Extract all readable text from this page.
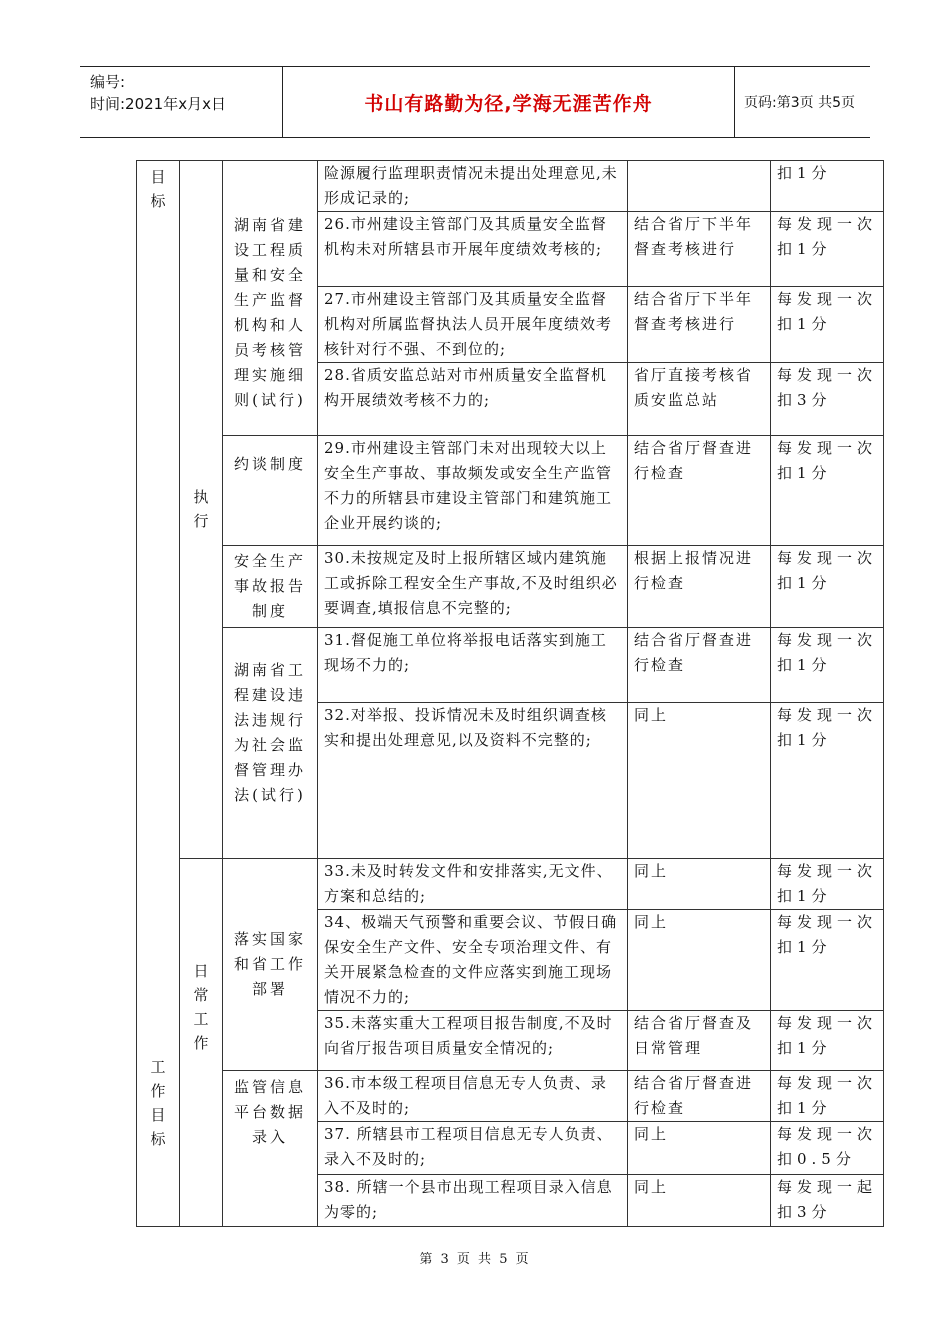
编号:
时间:2021年x月x日	书山有路勤为径,学海无涯苦作舟	页码:第3页 共5页
目标
工作目标	执行	湖南省建设工程质量和安全生产监督机构和人员考核管理实施细则(试行)	险源履行监理职责情况未提出处理意见,未形成记录的;		扣1分
			26.市州建设主管部门及其质量安全监督机构未对所辖县市开展年度绩效考核的;	结合省厅下半年督查考核进行	每发现一次扣1分
			27.市州建设主管部门及其质量安全监督机构对所属监督执法人员开展年度绩效考核针对行不强、不到位的;	结合省厅下半年督查考核进行	每发现一次扣1分
			28.省质安监总站对市州质量安全监督机构开展绩效考核不力的;	省厅直接考核省质安监总站	每发现一次扣3分
		约谈制度	29.市州建设主管部门未对出现较大以上安全生产事故、事故频发或安全生产监管不力的所辖县市建设主管部门和建筑施工企业开展约谈的;	结合省厅督查进行检查	每发现一次扣1分
		安全生产事故报告制度	30.未按规定及时上报所辖区域内建筑施工或拆除工程安全生产事故,不及时组织必要调查,填报信息不完整的;	根据上报情况进行检查	每发现一次扣1分
		湖南省工程建设违法违规行为社会监督管理办法(试行)	31.督促施工单位将举报电话落实到施工现场不力的;	结合省厅督查进行检查	每发现一次扣1分
			32.对举报、投诉情况未及时组织调查核实和提出处理意见,以及资料不完整的;	同上	每发现一次扣1分
	日常工作	落实国家和省工作部署	33.未及时转发文件和安排落实,无文件、方案和总结的;	同上	每发现一次扣1分
			34、极端天气预警和重要会议、节假日确保安全生产文件、安全专项治理文件、有关开展紧急检查的文件应落实到施工现场情况不力的;	同上	每发现一次扣1分
			35.未落实重大工程项目报告制度,不及时向省厅报告项目质量安全情况的;	结合省厅督查及日常管理	每发现一次扣1分
		监管信息平台数据录入	36.市本级工程项目信息无专人负责、录入不及时的;	结合省厅督查进行检查	每发现一次扣1分
			37. 所辖县市工程项目信息无专人负责、录入不及时的;	同上	每发现一次扣0.5分
			38. 所辖一个县市出现工程项目录入信息为零的;	同上	每发现一起扣3分
第 3 页 共 5 页
